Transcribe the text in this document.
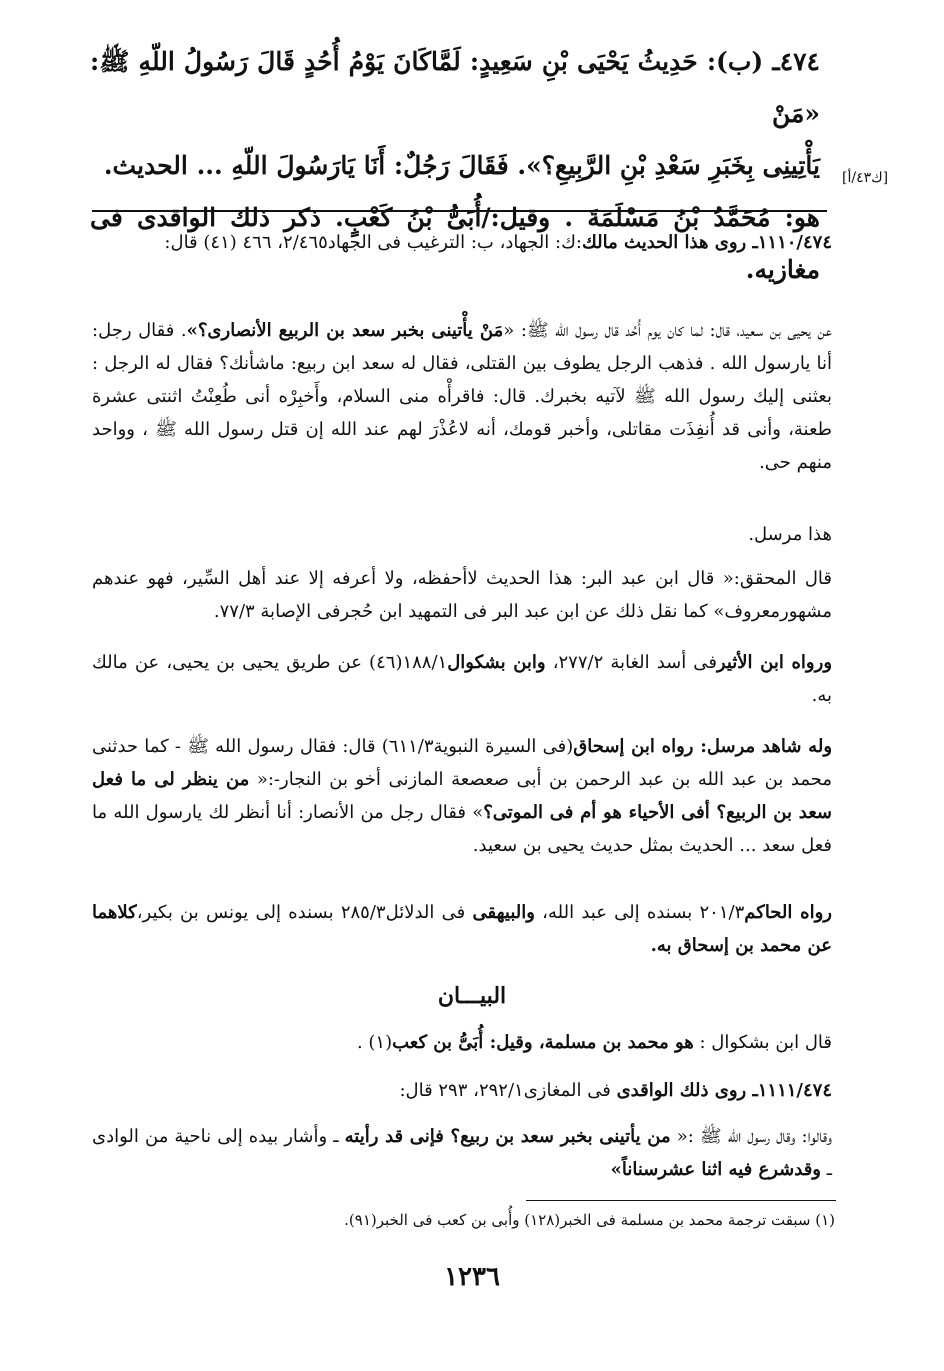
٤٧٤ـ (ب): حَدِيثُ يَحْيَى بْنِ سَعِيدٍ: لَمَّاكَانَ يَوْمُ أُحُدٍ قَالَ رَسُولُ اللّهِ ﷺ: «مَنْ
يَأْتِينِى بِخَبَرِ سَعْدِ بْنِ الرَّبِيعِ؟». فَقَالَ رَجُلٌ: أَنَا يَارَسُولَ اللّهِ ... الحديث.
هو: مُحَمَّدُ بْنُ مَسْلَمَةَ . وقيل:/أُبَىُّ بْنُ كَعْبٍ. ذكر ذلك الواقدى فى مغازيه.
[ك٤٣/أ]
١١١٠/٤٧٤ـ روى هذا الحديث مالك:ك: الجهاد، ب: الترغيب فى الجهاد٢/٤٦٥، ٤٦٦ (٤١) قال:
عن يحيى بن سعيد، قال: لما كان يوم أُحُد قال رسول الله ﷺ: «مَنْ يأْتينى بخبر سعد بن الربيع الأنصارى؟». فقال رجل: أنا يارسول الله . فذهب الرجل يطوف بين القتلى، فقال له سعد ابن ربيع: ماشأنك؟ فقال له الرجل : بعثنى إليك رسول الله ﷺ لآتيه بخبرك. قال: فاقرأْه منى السلام، وأَخبِرْه أنى طُعِنْتُ اثنتى عشرة طعنة، وأنى قد أُنفِذَت مقاتلى، وأخبر قومك، أنه لاعُذْرَ لهم عند الله إن قتل رسول الله ﷺ ، وواحد منهم حى.
هذا مرسل.
قال المحقق:« قال ابن عبد البر: هذا الحديث لاأحفظه، ولا أعرفه إلا عند أهل السِّير، فهو عندهم مشهورمعروف» كما نقل ذلك عن ابن عبد البر فى التمهيد ابن حُجرفى الإصابة ٧٧/٣.
ورواه ابن الأثيرفى أسد الغابة ٢٧٧/٢، وابن بشكوال١٨٨/١(٤٦) عن طريق يحيى بن يحيى، عن مالك به.
وله شاهد مرسل: رواه ابن إسحاق(فى السيرة النبوية٦١١/٣) قال: فقال رسول الله ﷺ - كما حدثنى محمد بن عبد الله بن عبد الرحمن بن أبى صعصعة المازنى أخو بن النجار-:« من ينظر لى ما فعل سعد بن الربيع؟ أفى الأحياء هو أم فى الموتى؟» فقال رجل من الأنصار: أنا أنظر لك يارسول الله ما فعل سعد ... الحديث بمثل حديث يحيى بن سعيد.
رواه الحاكم٢٠١/٣ بسنده إلى عبد الله، والبيهقى فى الدلائل٢٨٥/٣ بسنده إلى يونس بن بكير،كلاهما عن محمد بن إسحاق به.
البيـــان
قال ابن بشكوال : هو محمد بن مسلمة، وقيل: أُبَىُّ بن كعب(١) .
١١١١/٤٧٤ـ روى ذلك الواقدى فى المغازى٢٩٢/١، ٢٩٣ قال:
وقالوا: وقال رسول الله ﷺ :« من يأتينى بخبر سعد بن ربيع؟ فإنى قد رأيته ـ وأشار بيده إلى ناحية من الوادى ـ وقدشرع فيه اثنا عشرسناناً»
(١) سبقت ترجمة محمد بن مسلمة فى الخبر(١٢٨) وأُبى بن كعب فى الخبر(٩١).
١٢٣٦
